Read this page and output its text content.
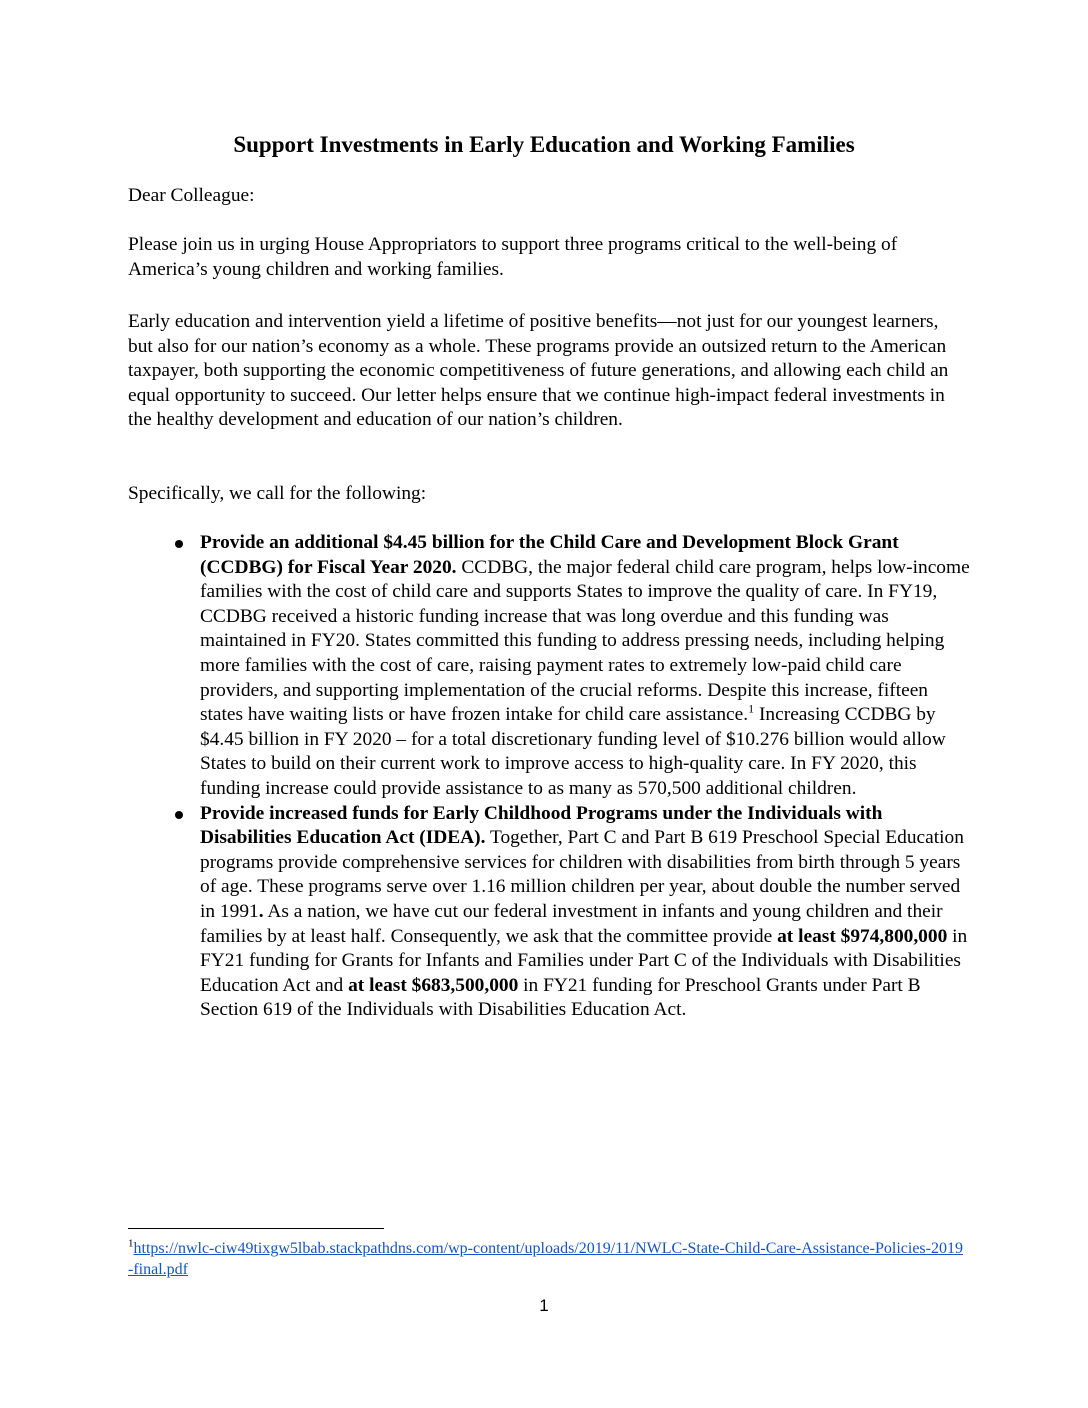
Support Investments in Early Education and Working Families

Dear Colleague:

Please join us in urging House Appropriators to support three programs critical to the well-being of America’s young children and working families.

Early education and intervention yield a lifetime of positive benefits—not just for our youngest learners, but also for our nation’s economy as a whole. These programs provide an outsized return to the American taxpayer, both supporting the economic competitiveness of future generations, and allowing each child an equal opportunity to succeed. Our letter helps ensure that we continue high-impact federal investments in the healthy development and education of our nation’s children.

Specifically, we call for the following:

Provide an additional $4.45 billion for the Child Care and Development Block Grant (CCDBG) for Fiscal Year 2020. CCDBG, the major federal child care program, helps low-income families with the cost of child care and supports States to improve the quality of care. In FY19, CCDBG received a historic funding increase that was long overdue and this funding was maintained in FY20. States committed this funding to address pressing needs, including helping more families with the cost of care, raising payment rates to extremely low-paid child care providers, and supporting implementation of the crucial reforms. Despite this increase, fifteen states have waiting lists or have frozen intake for child care assistance.$^1$ Increasing CCDBG by $4.45 billion in FY 2020 – for a total discretionary funding level of $10.276 billion would allow States to build on their current work to improve access to high-quality care. In FY 2020, this funding increase could provide assistance to as many as 570,500 additional children.
Provide increased funds for Early Childhood Programs under the Individuals with Disabilities Education Act (IDEA). Together, Part C and Part B 619 Preschool Special Education programs provide comprehensive services for children with disabilities from birth through 5 years of age. These programs serve over 1.16 million children per year, about double the number served in 1991. As a nation, we have cut our federal investment in infants and young children and their families by at least half. Consequently, we ask that the committee provide at least $974,800,000 in FY21 funding for Grants for Infants and Families under Part C of the Individuals with Disabilities Education Act and at least $683,500,000 in FY21 funding for Preschool Grants under Part B Section 619 of the Individuals with Disabilities Education Act.
$^1$https://nwlc-ciw49tixgw5lbab.stackpathdns.com/wp-content/uploads/2019/11/NWLC-State-Child-Care-Assistance-Policies-2019-final.pdf
1
